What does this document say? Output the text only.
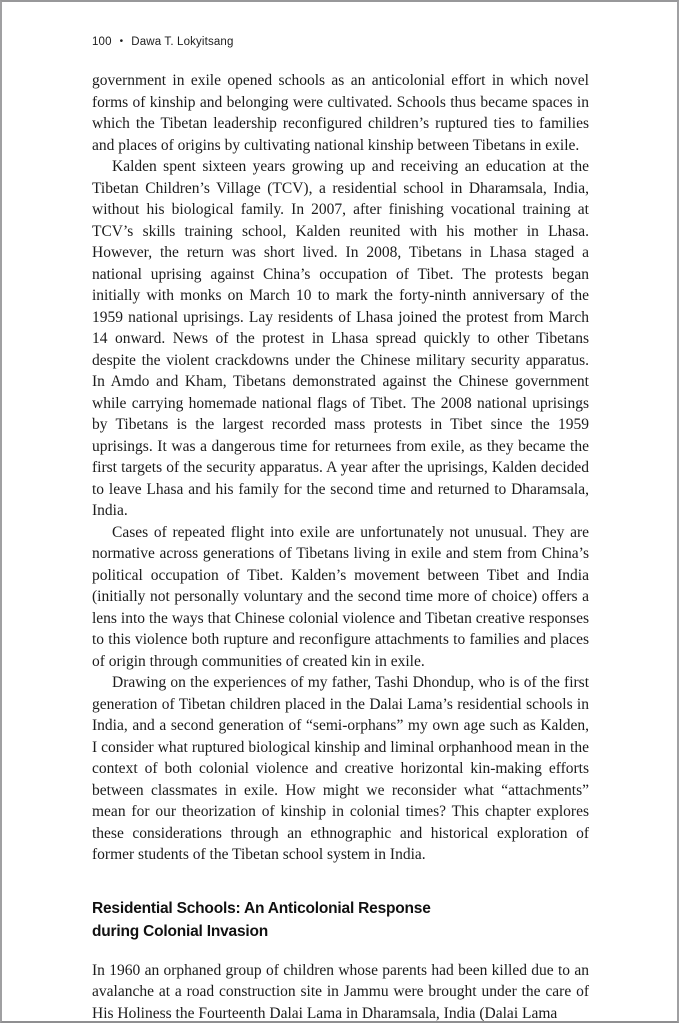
100 • Dawa T. Lokyitsang

government in exile opened schools as an anticolonial effort in which novel forms of kinship and belonging were cultivated. Schools thus became spaces in which the Tibetan leadership reconfigured children’s ruptured ties to families and places of origins by cultivating national kinship between Tibetans in exile.

Kalden spent sixteen years growing up and receiving an education at the Tibetan Children’s Village (TCV), a residential school in Dharamsala, India, without his biological family. In 2007, after finishing vocational training at TCV’s skills training school, Kalden reunited with his mother in Lhasa. However, the return was short lived. In 2008, Tibetans in Lhasa staged a national uprising against China’s occupation of Tibet. The protests began initially with monks on March 10 to mark the forty-ninth anniversary of the 1959 national uprisings. Lay residents of Lhasa joined the protest from March 14 onward. News of the protest in Lhasa spread quickly to other Tibetans despite the violent crackdowns under the Chinese military security apparatus. In Amdo and Kham, Tibetans demonstrated against the Chinese government while carrying homemade national flags of Tibet. The 2008 national uprisings by Tibetans is the largest recorded mass protests in Tibet since the 1959 uprisings. It was a dangerous time for returnees from exile, as they became the first targets of the security apparatus. A year after the uprisings, Kalden decided to leave Lhasa and his family for the second time and returned to Dharamsala, India.

Cases of repeated flight into exile are unfortunately not unusual. They are normative across generations of Tibetans living in exile and stem from China’s political occupation of Tibet. Kalden’s movement between Tibet and India (initially not personally voluntary and the second time more of choice) offers a lens into the ways that Chinese colonial violence and Tibetan creative responses to this violence both rupture and reconfigure attachments to families and places of origin through communities of created kin in exile.

Drawing on the experiences of my father, Tashi Dhondup, who is of the first generation of Tibetan children placed in the Dalai Lama’s residential schools in India, and a second generation of “semi-orphans” my own age such as Kalden, I consider what ruptured biological kinship and liminal orphanhood mean in the context of both colonial violence and creative horizontal kin-making efforts between classmates in exile. How might we reconsider what “attachments” mean for our theorization of kinship in colonial times? This chapter explores these considerations through an ethnographic and historical exploration of former students of the Tibetan school system in India.

Residential Schools: An Anticolonial Response
during Colonial Invasion

In 1960 an orphaned group of children whose parents had been killed due to an avalanche at a road construction site in Jammu were brought under the care of His Holiness the Fourteenth Dalai Lama in Dharamsala, India (Dalai Lama
